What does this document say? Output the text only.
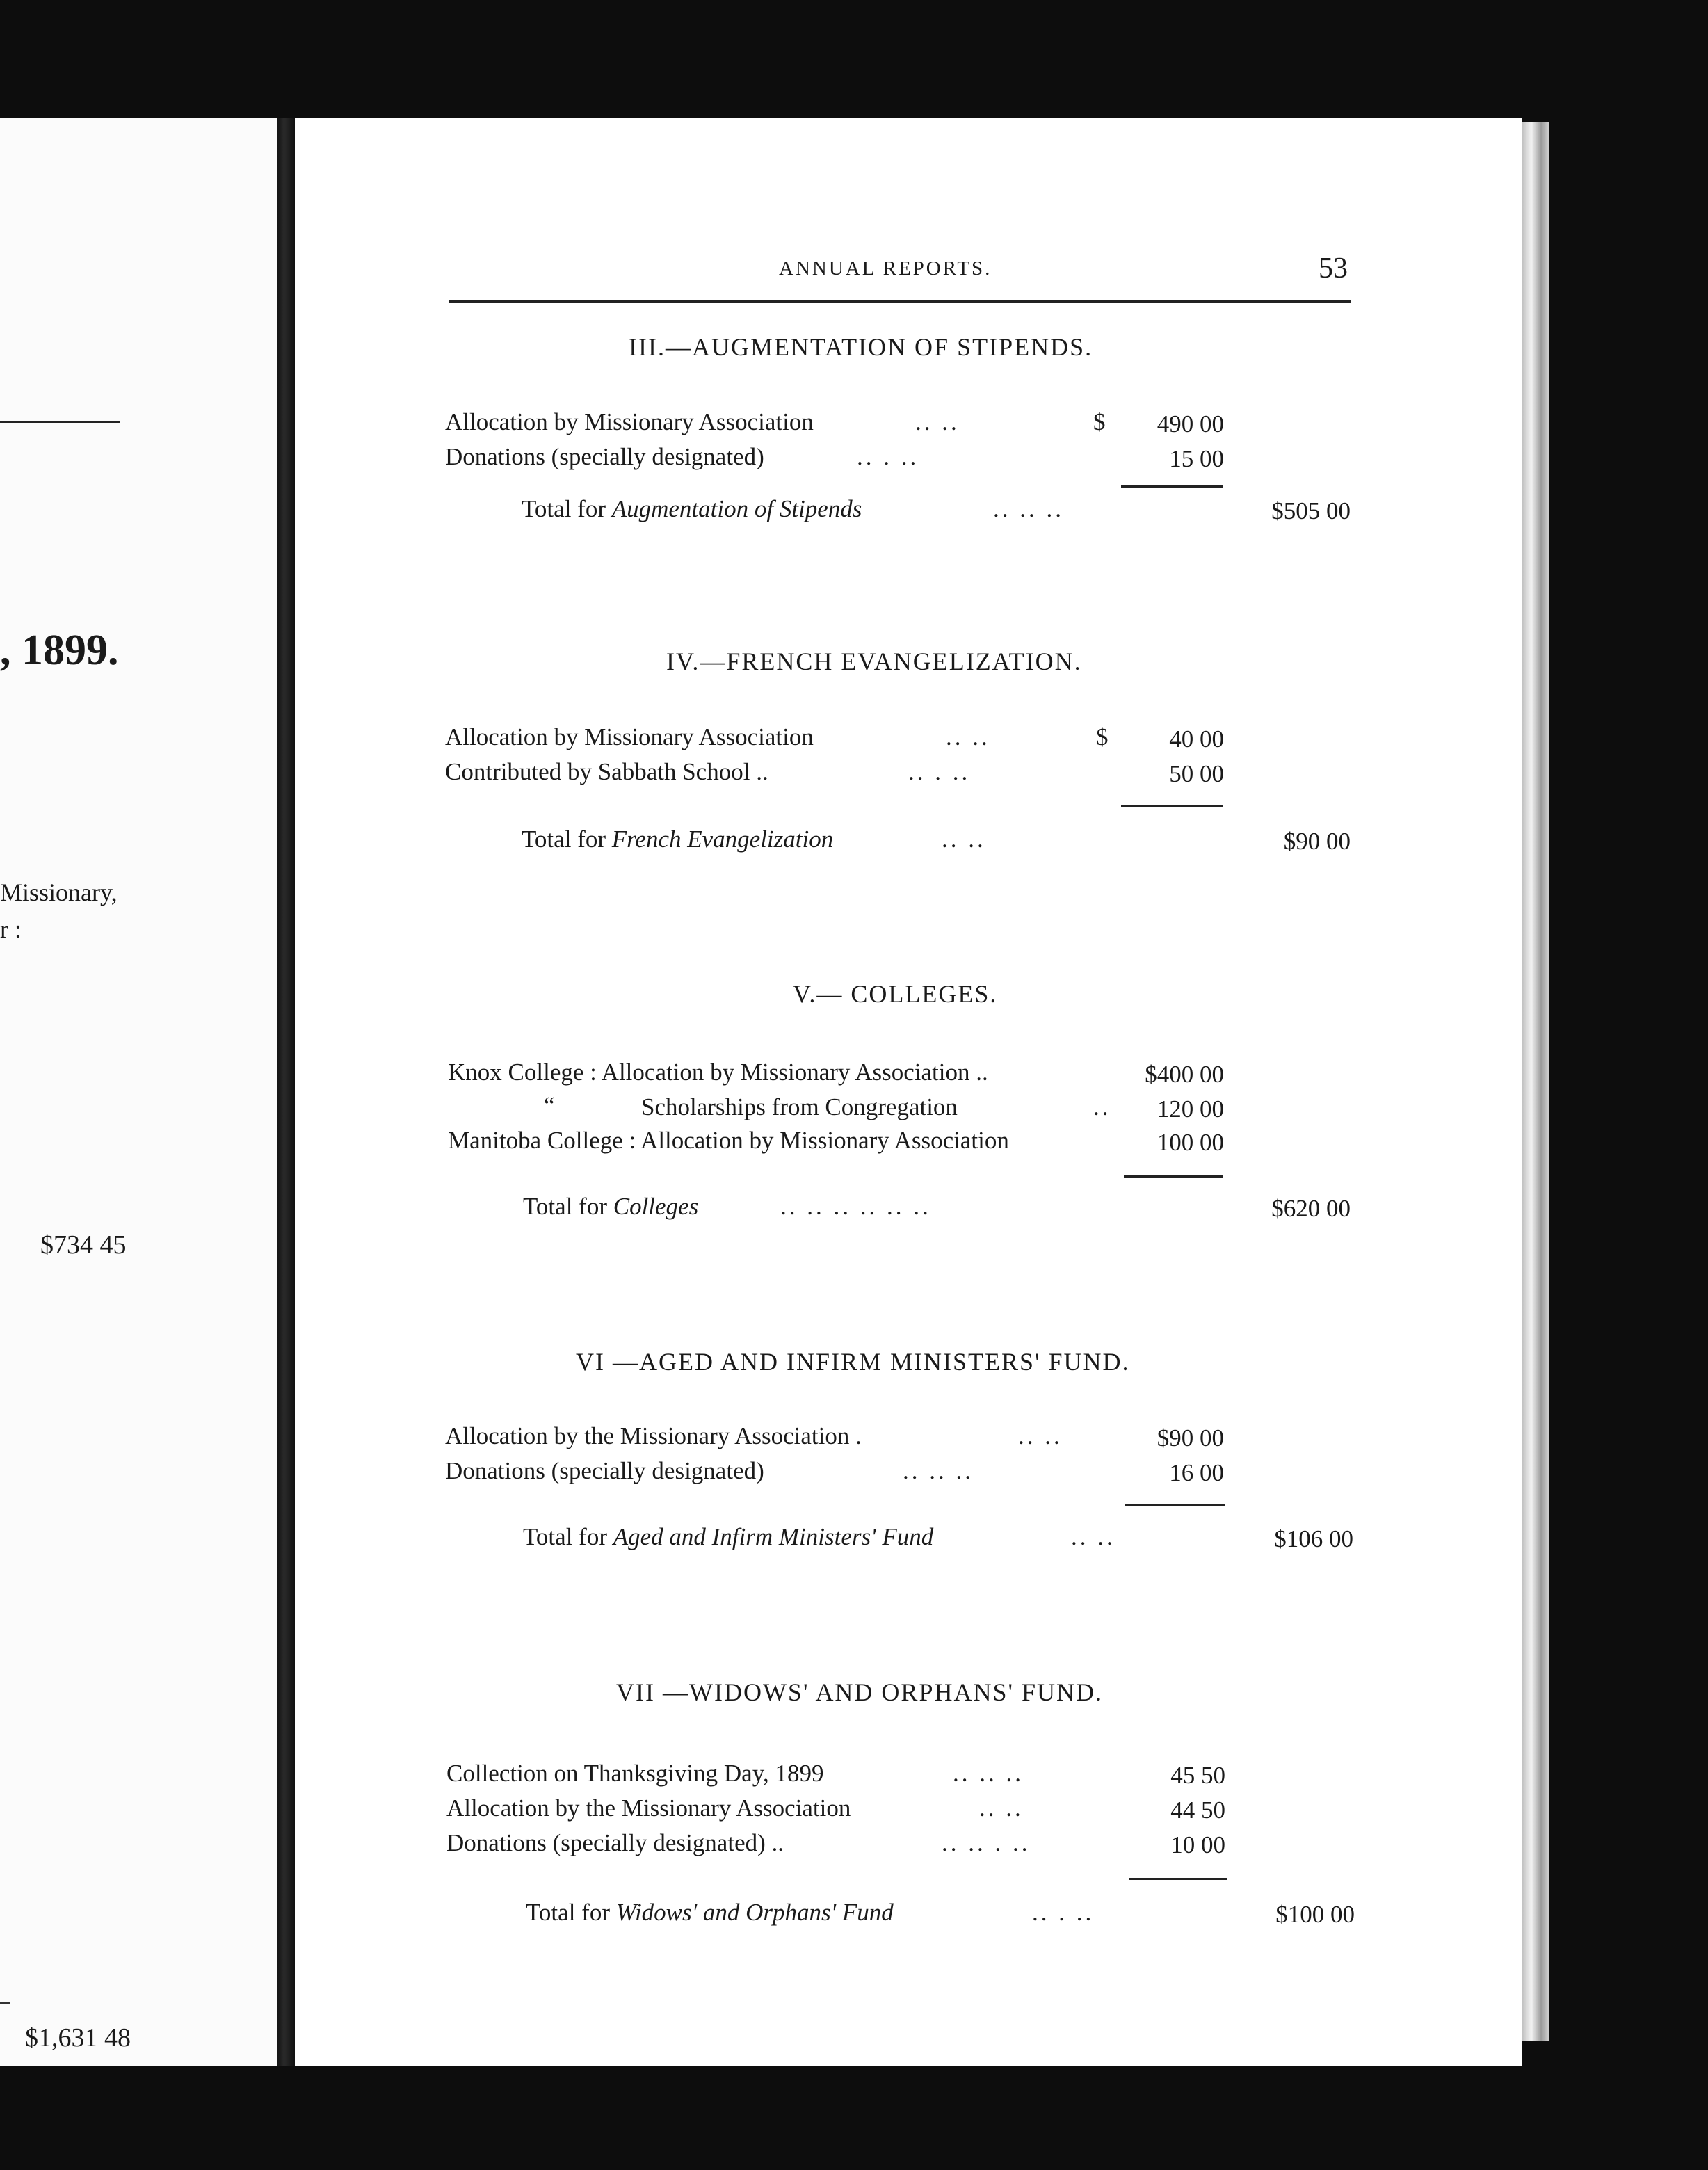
, 1899.
Missionary,
r :
$734 45
$1,631 48
ANNUAL REPORTS.	53
III.—AUGMENTATION OF STIPENDS.
Allocation by Missionary Association	.. ..	$	490 00
Donations (specially designated)	.. . ..	15 00
Total for Augmentation of Stipends	.. .. ..	$505 00
IV.—FRENCH EVANGELIZATION.
Allocation by Missionary Association	.. ..	$	40 00
Contributed by Sabbath School ..	.. . ..	50 00
Total for French Evangelization	.. ..	$90 00
V.— COLLEGES.
Knox College : Allocation by Missionary Association ..	$400 00
“	Scholarships from Congregation	..	120 00
Manitoba College : Allocation by Missionary Association	100 00
Total for Colleges	.. .. .. .. .. ..	$620 00
VI —AGED AND INFIRM MINISTERS' FUND.
Allocation by the Missionary Association .	.. ..	$90 00
Donations (specially designated)	.. .. ..	16 00
Total for Aged and Infirm Ministers' Fund	.. ..	$106 00
VII —WIDOWS' AND ORPHANS' FUND.
Collection on Thanksgiving Day, 1899	.. .. ..	45 50
Allocation by the Missionary Association	.. ..	44 50
Donations (specially designated) ..	.. .. . ..	10 00
Total for Widows' and Orphans' Fund	.. . ..	$100 00
